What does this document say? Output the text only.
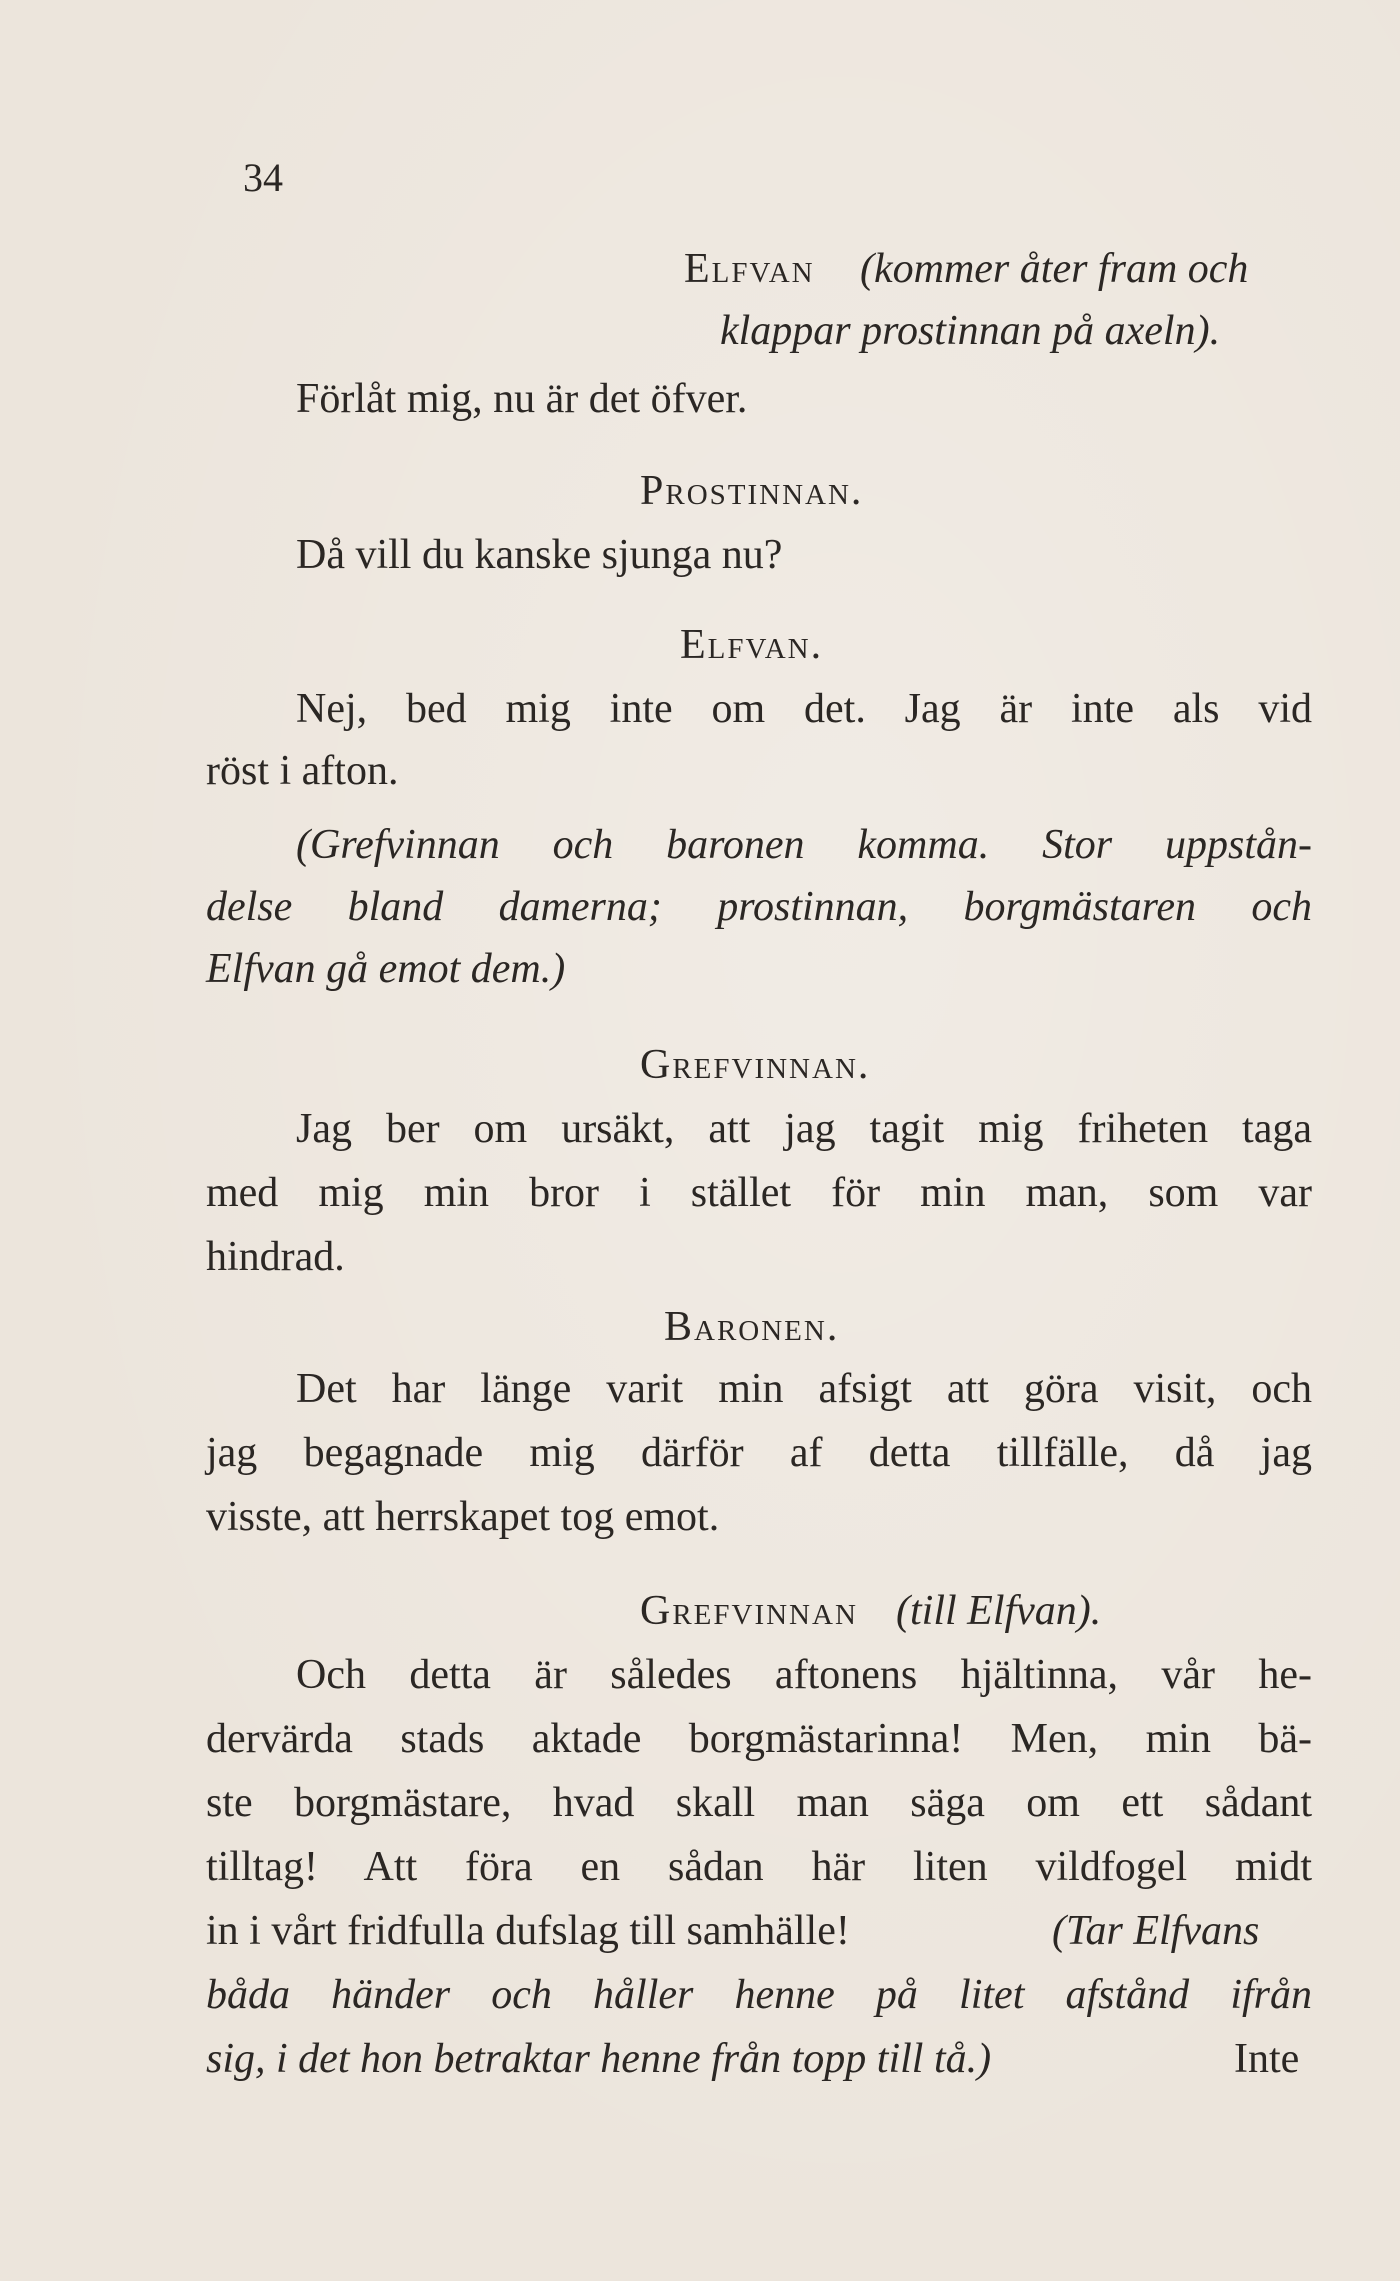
34
Elfvan (kommer åter fram och
klappar prostinnan på axeln).
Förlåt mig, nu är det öfver.
Prostinnan.
Då vill du kanske sjunga nu?
Elfvan.
Nej, bed mig inte om det. Jag är inte als vid
röst i afton.
(Grefvinnan och baronen komma. Stor uppstån-
delse bland damerna; prostinnan, borgmästaren och
Elfvan gå emot dem.)
Grefvinnan.
Jag ber om ursäkt, att jag tagit mig friheten taga
med mig min bror i stället för min man, som var
hindrad.
Baronen.
Det har länge varit min afsigt att göra visit, och
jag begagnade mig därför af detta tillfälle, då jag
visste, att herrskapet tog emot.
Grefvinnan (till Elfvan).
Och detta är således aftonens hjältinna, vår he-
dervärda stads aktade borgmästarinna! Men, min bä-
ste borgmästare, hvad skall man säga om ett sådant
tilltag! Att föra en sådan här liten vildfogel midt
in i vårt fridfulla dufslag till samhälle!	(Tar Elfvans
båda händer och håller henne på litet afstånd ifrån
sig, i det hon betraktar henne från topp till tå.)	Inte
